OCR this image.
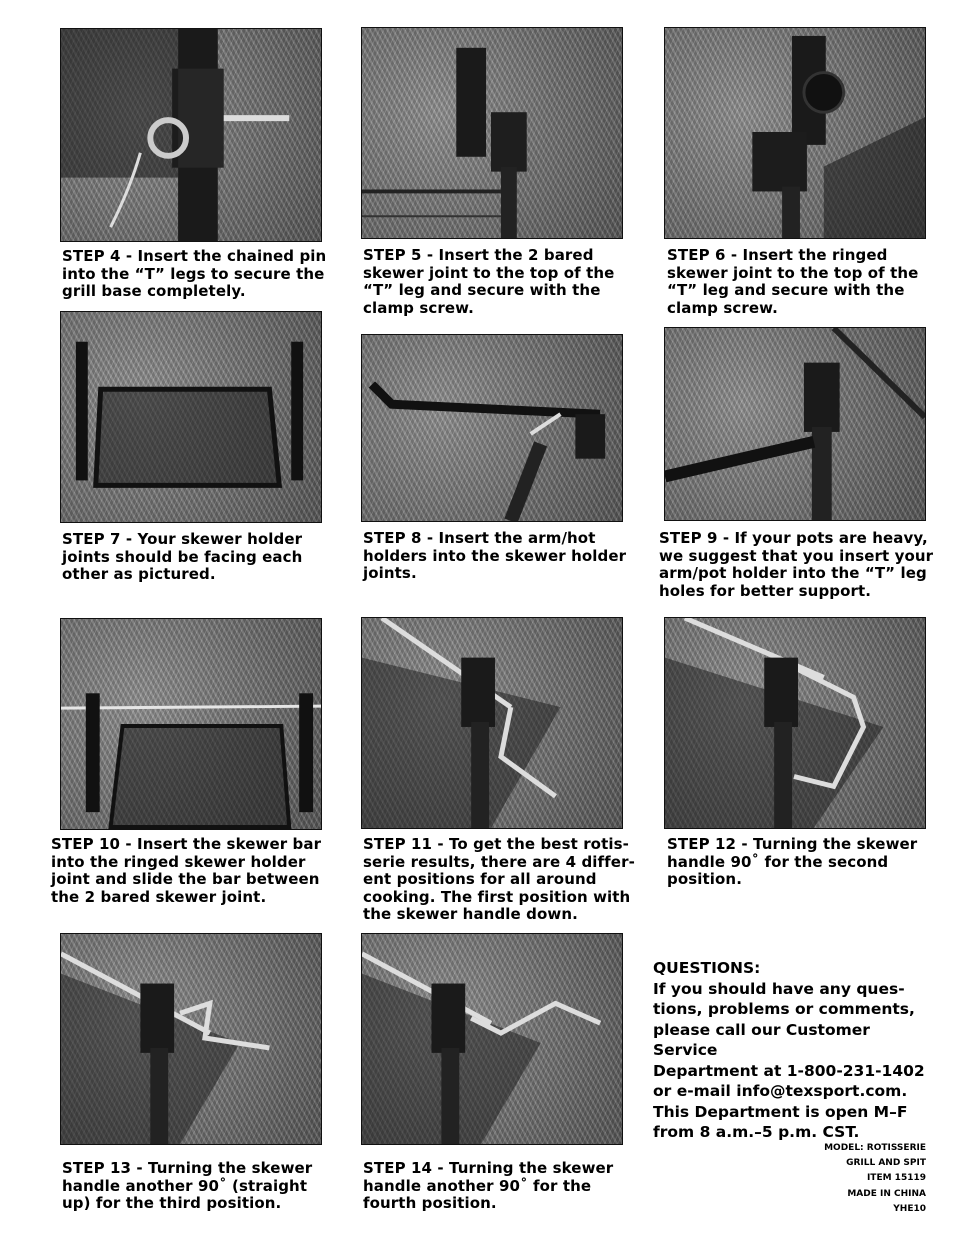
STEP 4 - Insert the chained pin
into the “T” legs to secure the
grill base completely.
STEP 5 - Insert the 2 bared
skewer joint to the top of the
“T” leg and secure with the
clamp screw.
STEP 6 - Insert the ringed
skewer joint to the top of the
“T” leg and secure with the
clamp screw.
STEP 7 - Your skewer holder
joints should be facing each
other as pictured.
STEP 8 - Insert the arm/hot
holders into the skewer holder
joints.
STEP 9 - If your pots are heavy,
we suggest that you insert your
arm/pot holder into the “T” leg
holes for better support.
STEP 10 - Insert the skewer bar
into the ringed skewer holder
joint and slide the bar between
the 2 bared skewer joint.
STEP 11 - To get the best rotis-
serie results, there are 4 differ-
ent positions for all around
cooking. The first position with
the skewer handle down.
STEP 12 - Turning the skewer
handle 90˚ for the second
position.
STEP 13 - Turning the skewer
handle another 90˚ (straight
up) for the third position.
STEP 14 - Turning the skewer
handle another 90˚ for the
fourth position.
QUESTIONS:
If you should have any ques-
tions, problems or comments,
please call our Customer Service
Department at 1-800-231-1402
or e-mail info@texsport.com.
This Department is open M–F
from 8 a.m.–5 p.m. CST.
MODEL: ROTISSERIE
GRILL AND SPIT
ITEM 15119
MADE IN CHINA
YHE10
